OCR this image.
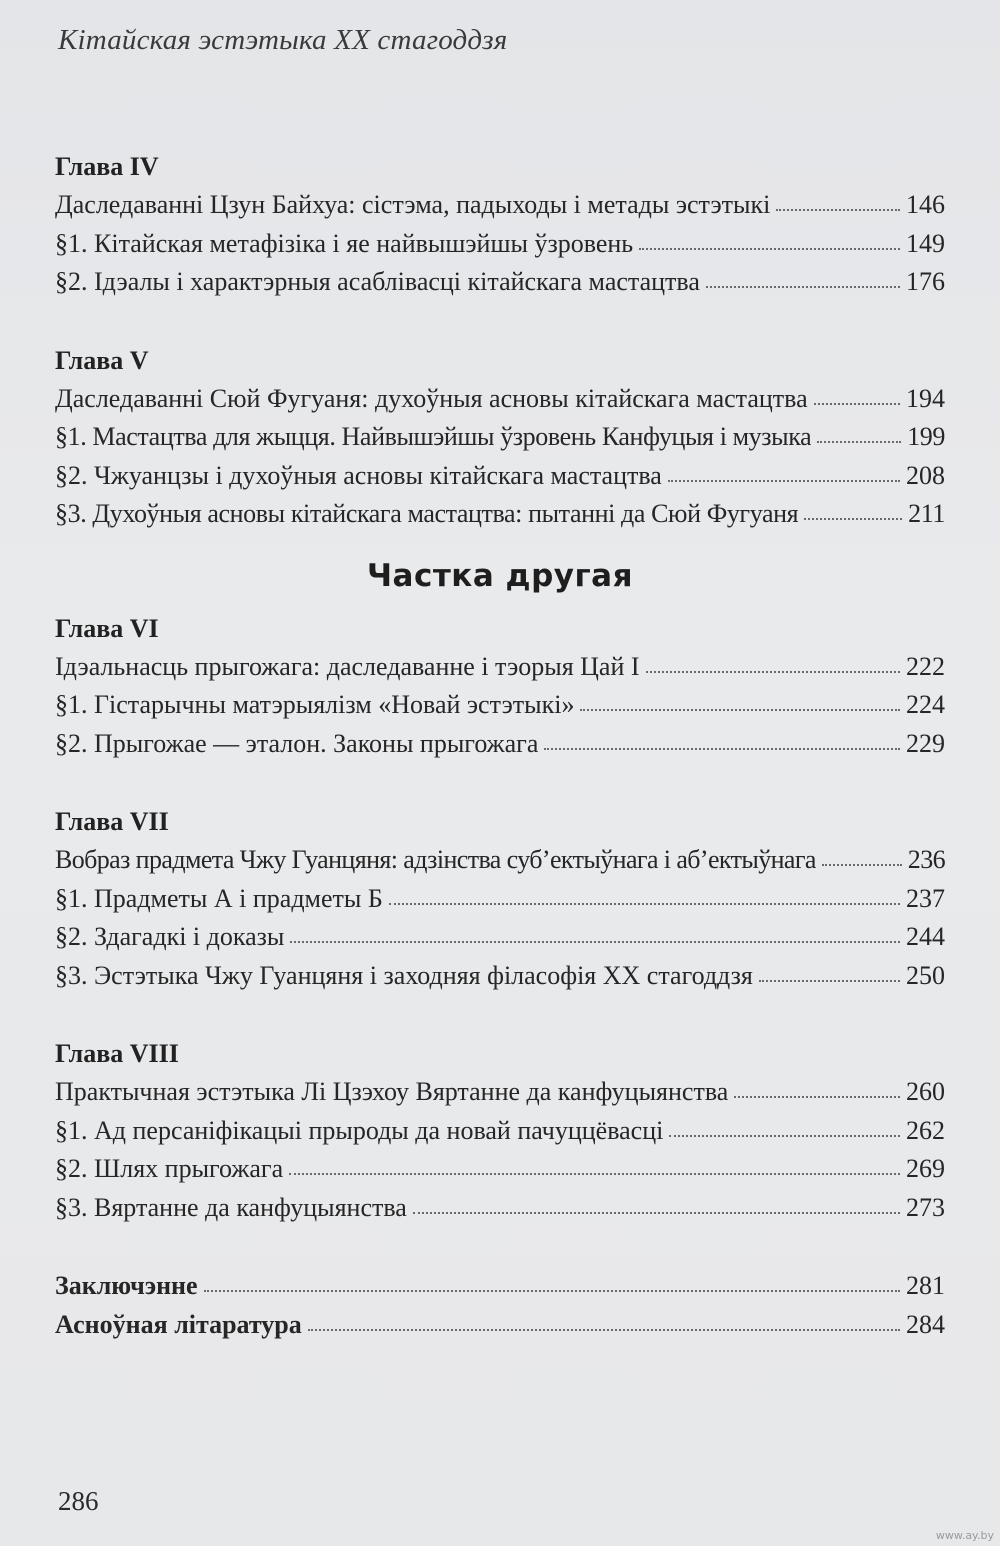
Кітайская эстэтыка ХХ стагоддзя
Глава IV
Даследаванні Цзун Байхуа: сістэма, падыходы і метады эстэтыкі	146
§1. Кітайская метафізіка і яе найвышэйшы ўзровень	149
§2. Ідэалы і характэрныя асаблівасці кітайскага мастацтва	176
Глава V
Даследаванні Сюй Фугуаня: духоўныя асновы кітайскага мастацтва	194
§1. Мастацтва для жыцця. Найвышэйшы ўзровень Канфуцыя і музыка	199
§2. Чжуанцзы і духоўныя асновы кітайскага мастацтва	208
§3. Духоўныя асновы кітайскага мастацтва: пытанні да Сюй Фугуаня	211
Частка другая
Глава VI
Ідэальнасць прыгожага: даследаванне і тэорыя Цай І	222
§1. Гістарычны матэрыялізм «Новай эстэтыкі»	224
§2. Прыгожае — эталон. Законы прыгожага	229
Глава VII
Вобраз прадмета Чжу Гуанцяня: адзінства суб’ектыўнага і аб’ектыўнага	236
§1. Прадметы А і прадметы Б	237
§2. Здагадкі і доказы	244
§3. Эстэтыка Чжу Гуанцяня і заходняя філасофія ХХ стагоддзя	250
Глава VIII
Практычная эстэтыка Лі Цзэхоу Вяртанне да канфуцыянства	260
§1. Ад персаніфікацыі прыроды да новай пачуццёвасці	262
§2. Шлях прыгожага	269
§3. Вяртанне да канфуцыянства	273
Заключэнне	281
Асноўная літаратура	284
286
www.ay.by
